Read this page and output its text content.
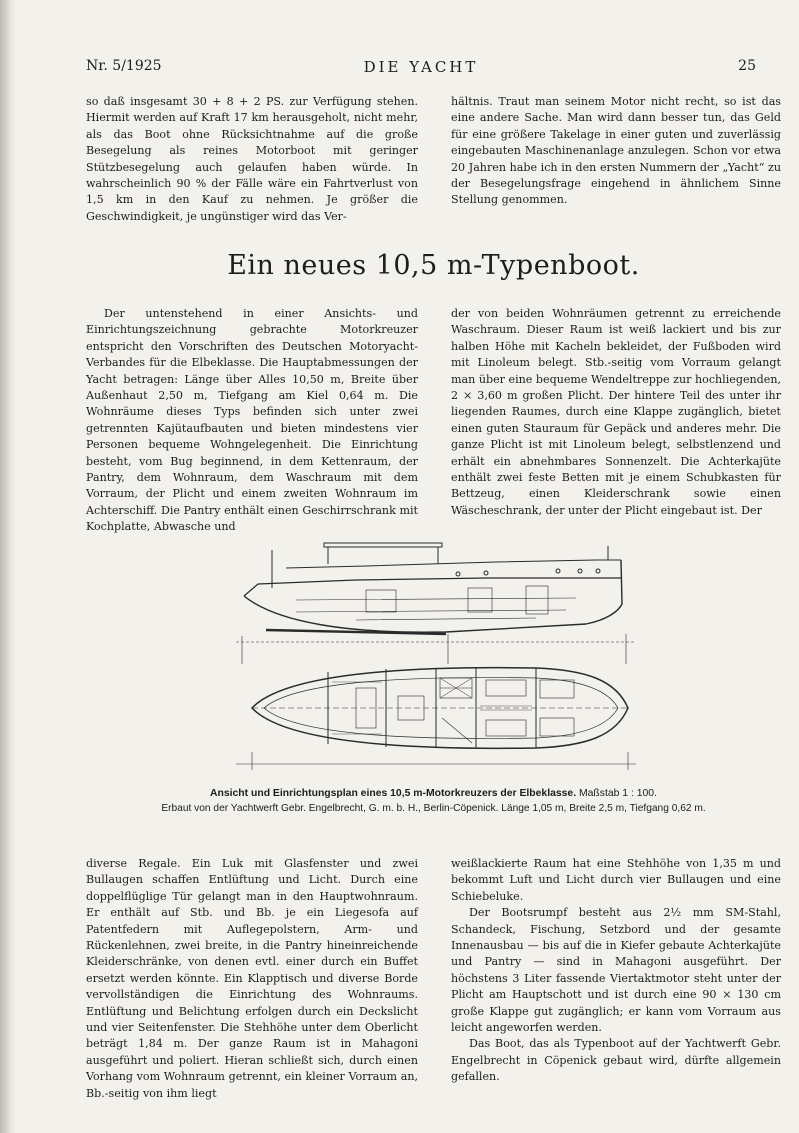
Nr. 5/1925	DIE YACHT	25

so daß insgesamt 30 + 8 + 2 PS. zur Verfügung stehen. Hiermit werden auf Kraft 17 km herausgeholt, nicht mehr, als das Boot ohne Rücksichtnahme auf die große Besegelung als reines Motorboot mit geringer Stützbesegelung auch gelaufen haben würde. In wahrscheinlich 90 % der Fälle wäre ein Fahrtverlust von 1,5 km in den Kauf zu nehmen. Je größer die Geschwindigkeit, je ungünstiger wird das Ver-

hältnis. Traut man seinem Motor nicht recht, so ist das eine andere Sache. Man wird dann besser tun, das Geld für eine größere Takelage in einer guten und zuverlässig eingebauten Maschinenanlage anzulegen. Schon vor etwa 20 Jahren habe ich in den ersten Nummern der „Yacht“ zu der Besegelungsfrage eingehend in ähnlichem Sinne Stellung genommen.

Ein neues 10,5 m-Typenboot.

Der untenstehend in einer Ansichts- und Einrichtungszeichnung gebrachte Motorkreuzer entspricht den Vorschriften des Deutschen Motoryacht-Verbandes für die Elbeklasse. Die Hauptabmessungen der Yacht betragen: Länge über Alles 10,50 m, Breite über Außenhaut 2,50 m, Tiefgang am Kiel 0,64 m. Die Wohnräume dieses Typs befinden sich unter zwei getrennten Kajütaufbauten und bieten mindestens vier Personen bequeme Wohngelegenheit. Die Einrichtung besteht, vom Bug beginnend, in dem Kettenraum, der Pantry, dem Wohnraum, dem Waschraum mit dem Vorraum, der Plicht und einem zweiten Wohnraum im Achterschiff. Die Pantry enthält einen Geschirrschrank mit Kochplatte, Abwasche und

der von beiden Wohnräumen getrennt zu erreichende Waschraum. Dieser Raum ist weiß lackiert und bis zur halben Höhe mit Kacheln bekleidet, der Fußboden wird mit Linoleum belegt. Stb.-seitig vom Vorraum gelangt man über eine bequeme Wendeltreppe zur hochliegenden, 2 × 3,60 m großen Plicht. Der hintere Teil des unter ihr liegenden Raumes, durch eine Klappe zugänglich, bietet einen guten Stauraum für Gepäck und anderes mehr. Die ganze Plicht ist mit Linoleum belegt, selbstlenzend und erhält ein abnehmbares Sonnenzelt. Die Achterkajüte enthält zwei feste Betten mit je einem Schubkasten für Bettzeug, einen Kleiderschrank sowie einen Wäscheschrank, der unter der Plicht eingebaut ist. Der

Ansicht und Einrichtungsplan eines 10,5 m-Motorkreuzers der Elbeklasse. Maßstab 1 : 100.
Erbaut von der Yachtwerft Gebr. Engelbrecht, G. m. b. H., Berlin-Cöpenick. Länge 1,05 m, Breite 2,5 m, Tiefgang 0,62 m.

diverse Regale. Ein Luk mit Glasfenster und zwei Bullaugen schaffen Entlüftung und Licht. Durch eine doppelflüglige Tür gelangt man in den Hauptwohnraum. Er enthält auf Stb. und Bb. je ein Liegesofa auf Patentfedern mit Auflegepolstern, Arm- und Rückenlehnen, zwei breite, in die Pantry hineinreichende Kleiderschränke, von denen evtl. einer durch ein Buffet ersetzt werden könnte. Ein Klapptisch und diverse Borde vervollständigen die Einrichtung des Wohnraums. Entlüftung und Belichtung erfolgen durch ein Deckslicht und vier Seitenfenster. Die Stehhöhe unter dem Oberlicht beträgt 1,84 m. Der ganze Raum ist in Mahagoni ausgeführt und poliert. Hieran schließt sich, durch einen Vorhang vom Wohnraum getrennt, ein kleiner Vorraum an, Bb.-seitig von ihm liegt

weißlackierte Raum hat eine Stehhöhe von 1,35 m und bekommt Luft und Licht durch vier Bullaugen und eine Schiebeluke.

Der Bootsrumpf besteht aus 2½ mm SM-Stahl, Schandeck, Fischung, Setzbord und der gesamte Innenausbau — bis auf die in Kiefer gebaute Achterkajüte und Pantry — sind in Mahagoni ausgeführt. Der höchstens 3 Liter fassende Viertaktmotor steht unter der Plicht am Hauptschott und ist durch eine 90 × 130 cm große Klappe gut zugänglich; er kann vom Vorraum aus leicht angeworfen werden.

Das Boot, das als Typenboot auf der Yachtwerft Gebr. Engelbrecht in Cöpenick gebaut wird, dürfte allgemein gefallen.
